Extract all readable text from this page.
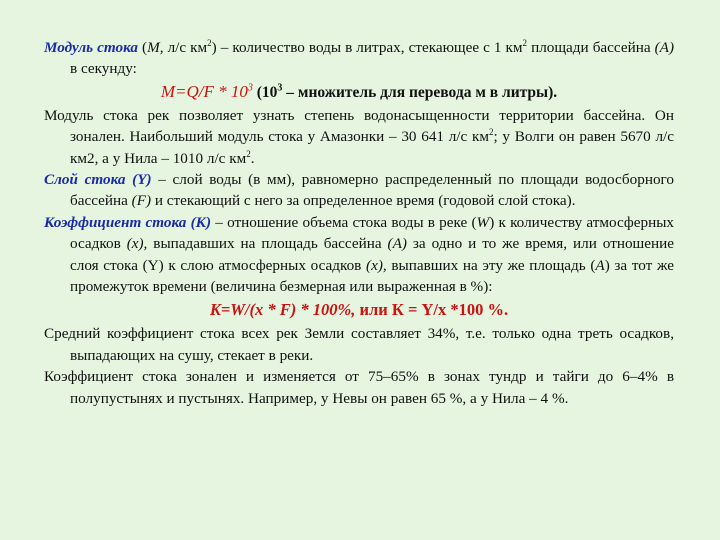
Модуль стока (M, л/с $км^2$) – количество воды в литрах, стекающее с 1 $км^2$ площади бассейна (A) в секунду:

$M=Q/F * 10^3$ ($10^3$ – множитель для перевода м в литры).

Модуль стока рек позволяет узнать степень водонасыщенности территории бассейна. Он зонален. Наибольший модуль стока у Амазонки – 30 641 л/с $км^2$; у Волги он равен 5670 л/с км2, а у Нила – 1010 л/с $км^2$.

Слой стока (Y) – слой воды (в мм), равномерно распределенный по площади водосборного бассейна (F) и стекающий с него за определенное время (годовой слой стока).

Коэффициент стока (К) – отношение объема стока воды в реке (W) к количеству атмосферных осадков (х), выпадавших на площадь бассейна (А) за одно и то же время, или отношение слоя стока (Y) к слою атмосферных осадков (х), выпавших на эту же площадь (А) за тот же промежуток времени (величина безмерная или выраженная в %):

K=W/(x * F) * 100%, или К = Y/х *100 %.

Средний коэффициент стока всех рек Земли составляет 34%, т.е. только одна треть осадков, выпадающих на сушу, стекает в реки.

Коэффициент стока зонален и изменяется от 75–65% в зонах тундр и тайги до 6–4% в полупустынях и пустынях. Например, у Невы он равен 65 %, а у Нила – 4 %.
